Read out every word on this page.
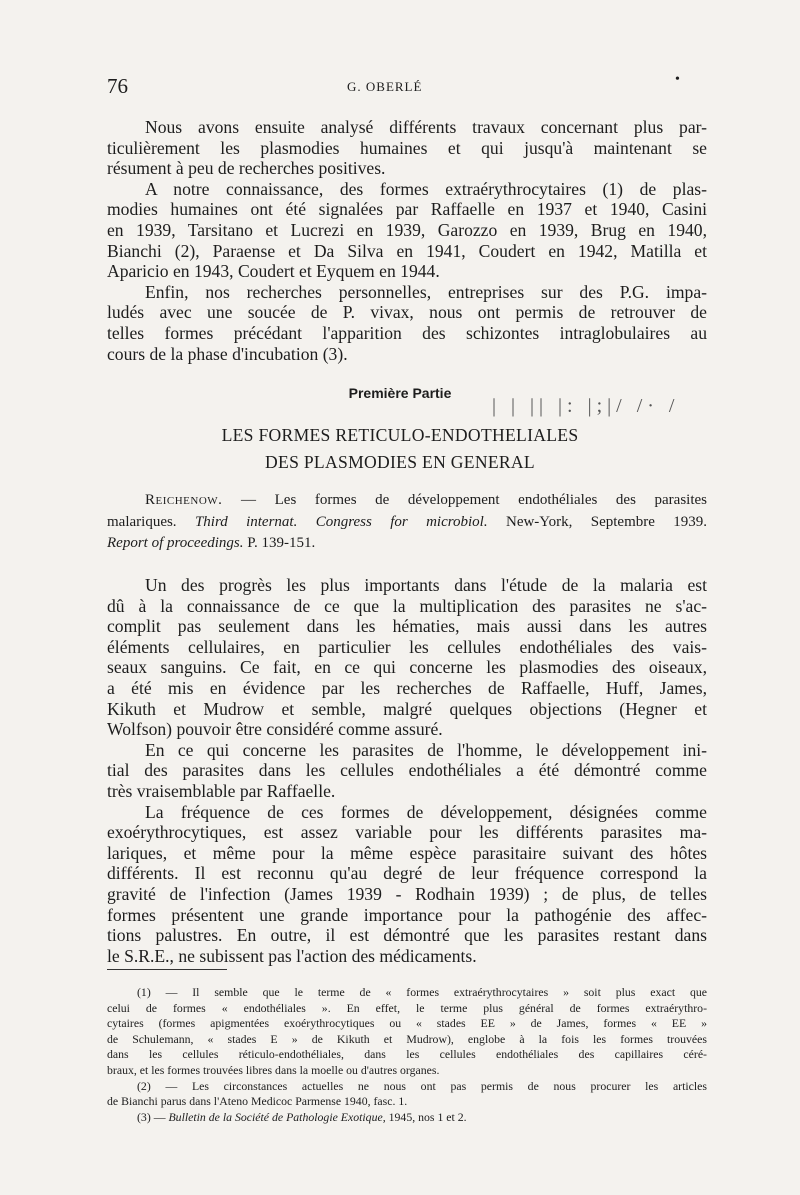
76	G. OBERLÉ	•
Nous avons ensuite analysé différents travaux concernant plus par-
ticulièrement les plasmodies humaines et qui jusqu'à maintenant se
résument à peu de recherches positives.
A notre connaissance, des formes extraérythrocytaires (1) de plas-
modies humaines ont été signalées par Raffaelle en 1937 et 1940, Casini
en 1939, Tarsitano et Lucrezi en 1939, Garozzo en 1939, Brug en 1940,
Bianchi (2), Paraense et Da Silva en 1941, Coudert en 1942, Matilla et
Aparicio en 1943, Coudert et Eyquem en 1944.
Enfin, nos recherches personnelles, entreprises sur des P.G. impa-
ludés avec une soucée de P. vivax, nous ont permis de retrouver de
telles formes précédant l'apparition des schizontes intraglobulaires au
cours de la phase d'incubation (3).
Première Partie
| | || |: |;|/ /· /
LES FORMES RETICULO-ENDOTHELIALES
DES PLASMODIES EN GENERAL
Reichenow. — Les formes de développement endothéliales des parasites
malariques. Third internat. Congress for microbiol. New-York, Septembre 1939.
Report of proceedings. P. 139-151.
Un des progrès les plus importants dans l'étude de la malaria est
dû à la connaissance de ce que la multiplication des parasites ne s'ac-
complit pas seulement dans les hématies, mais aussi dans les autres
éléments cellulaires, en particulier les cellules endothéliales des vais-
seaux sanguins. Ce fait, en ce qui concerne les plasmodies des oiseaux,
a été mis en évidence par les recherches de Raffaelle, Huff, James,
Kikuth et Mudrow et semble, malgré quelques objections (Hegner et
Wolfson) pouvoir être considéré comme assuré.
En ce qui concerne les parasites de l'homme, le développement ini-
tial des parasites dans les cellules endothéliales a été démontré comme
très vraisemblable par Raffaelle.
La fréquence de ces formes de développement, désignées comme
exoérythrocytiques, est assez variable pour les différents parasites ma-
lariques, et même pour la même espèce parasitaire suivant des hôtes
différents. Il est reconnu qu'au degré de leur fréquence correspond la
gravité de l'infection (James 1939 - Rodhain 1939) ; de plus, de telles
formes présentent une grande importance pour la pathogénie des affec-
tions palustres. En outre, il est démontré que les parasites restant dans
le S.R.E., ne subissent pas l'action des médicaments.
(1) — Il semble que le terme de « formes extraérythrocytaires » soit plus exact que
celui de formes « endothéliales ». En effet, le terme plus général de formes extraérythro-
cytaires (formes apigmentées exoérythrocytiques ou « stades EE » de James, formes « EE »
de Schulemann, « stades E » de Kikuth et Mudrow), englobe à la fois les formes trouvées
dans les cellules réticulo-endothéliales, dans les cellules endothéliales des capillaires céré-
braux, et les formes trouvées libres dans la moelle ou d'autres organes.
(2) — Les circonstances actuelles ne nous ont pas permis de nous procurer les articles
de Bianchi parus dans l'Ateno Medicoc Parmense 1940, fasc. 1.
(3) — Bulletin de la Société de Pathologie Exotique, 1945, nos 1 et 2.
